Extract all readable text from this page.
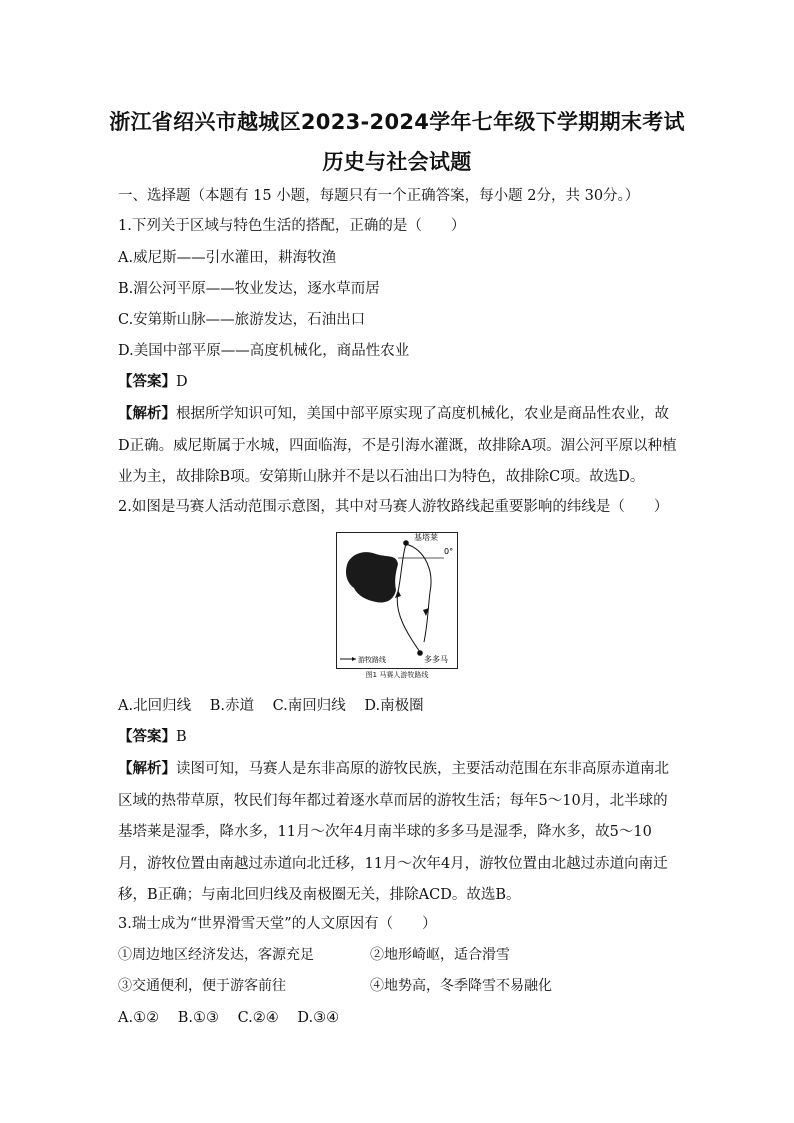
浙江省绍兴市越城区2023-2024学年七年级下学期期末考试
历史与社会试题
一、选择题（本题有 15 小题，每题只有一个正确答案，每小题 2分，共 30分。）
1.下列关于区域与特色生活的搭配，正确的是（　　）
A.威尼斯——引水灌田，耕海牧渔
B.湄公河平原——牧业发达，逐水草而居
C.安第斯山脉——旅游发达，石油出口
D.美国中部平原——高度机械化，商品性农业
【答案】D
【解析】根据所学知识可知，美国中部平原实现了高度机械化，农业是商品性农业，故D正确。威尼斯属于水城，四面临海，不是引海水灌溉，故排除A项。湄公河平原以种植业为主，故排除B项。安第斯山脉并不是以石油出口为特色，故排除C项。故选D。
2.如图是马赛人活动范围示意图，其中对马赛人游牧路线起重要影响的纬线是（　　）
基塔莱
0°
多多马
游牧路线
图1 马赛人游牧路线
A.北回归线 B.赤道 C.南回归线 D.南极圈
【答案】B
【解析】读图可知，马赛人是东非高原的游牧民族，主要活动范围在东非高原赤道南北区域的热带草原，牧民们每年都过着逐水草而居的游牧生活；每年5～10月，北半球的基塔莱是湿季，降水多，11月～次年4月南半球的多多马是湿季，降水多，故5～10月，游牧位置由南越过赤道向北迁移，11月～次年4月，游牧位置由北越过赤道向南迁移，B正确；与南北回归线及南极圈无关，排除ACD。故选B。
3.瑞士成为“世界滑雪天堂”的人文原因有（　　）
①周边地区经济发达，客源充足	②地形崎岖，适合滑雪
③交通便利，便于游客前往	④地势高，冬季降雪不易融化
A.①② B.①③ C.②④ D.③④
